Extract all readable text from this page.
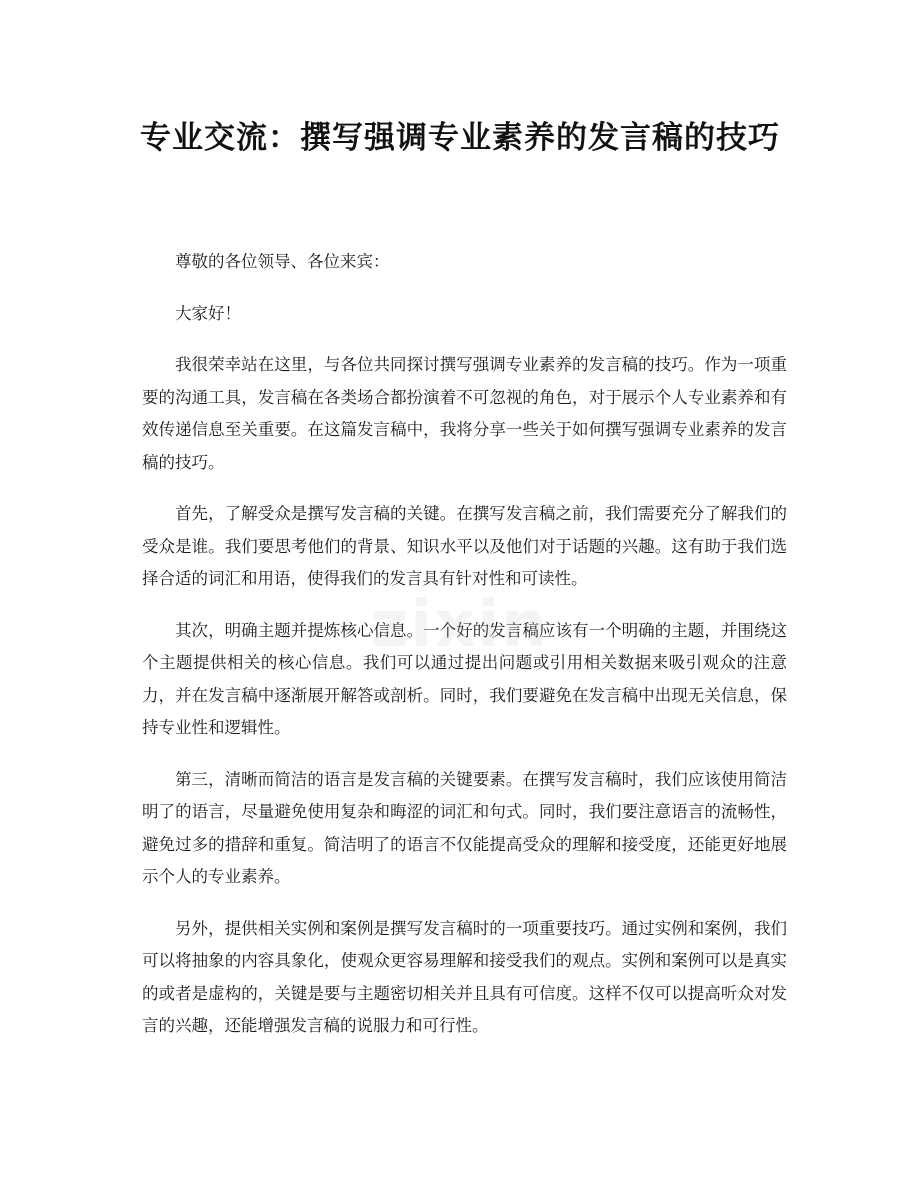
专业交流：撰写强调专业素养的发言稿的技巧

尊敬的各位领导、各位来宾：

大家好！

我很荣幸站在这里，与各位共同探讨撰写强调专业素养的发言稿的技巧。作为一项重要的沟通工具，发言稿在各类场合都扮演着不可忽视的角色，对于展示个人专业素养和有效传递信息至关重要。在这篇发言稿中，我将分享一些关于如何撰写强调专业素养的发言稿的技巧。

首先，了解受众是撰写发言稿的关键。在撰写发言稿之前，我们需要充分了解我们的受众是谁。我们要思考他们的背景、知识水平以及他们对于话题的兴趣。这有助于我们选择合适的词汇和用语，使得我们的发言具有针对性和可读性。

其次，明确主题并提炼核心信息。一个好的发言稿应该有一个明确的主题，并围绕这个主题提供相关的核心信息。我们可以通过提出问题或引用相关数据来吸引观众的注意力，并在发言稿中逐渐展开解答或剖析。同时，我们要避免在发言稿中出现无关信息，保持专业性和逻辑性。

第三，清晰而简洁的语言是发言稿的关键要素。在撰写发言稿时，我们应该使用简洁明了的语言，尽量避免使用复杂和晦涩的词汇和句式。同时，我们要注意语言的流畅性，避免过多的措辞和重复。简洁明了的语言不仅能提高受众的理解和接受度，还能更好地展示个人的专业素养。

另外，提供相关实例和案例是撰写发言稿时的一项重要技巧。通过实例和案例，我们可以将抽象的内容具象化，使观众更容易理解和接受我们的观点。实例和案例可以是真实的或者是虚构的，关键是要与主题密切相关并且具有可信度。这样不仅可以提高听众对发言的兴趣，还能增强发言稿的说服力和可行性。

zixin
